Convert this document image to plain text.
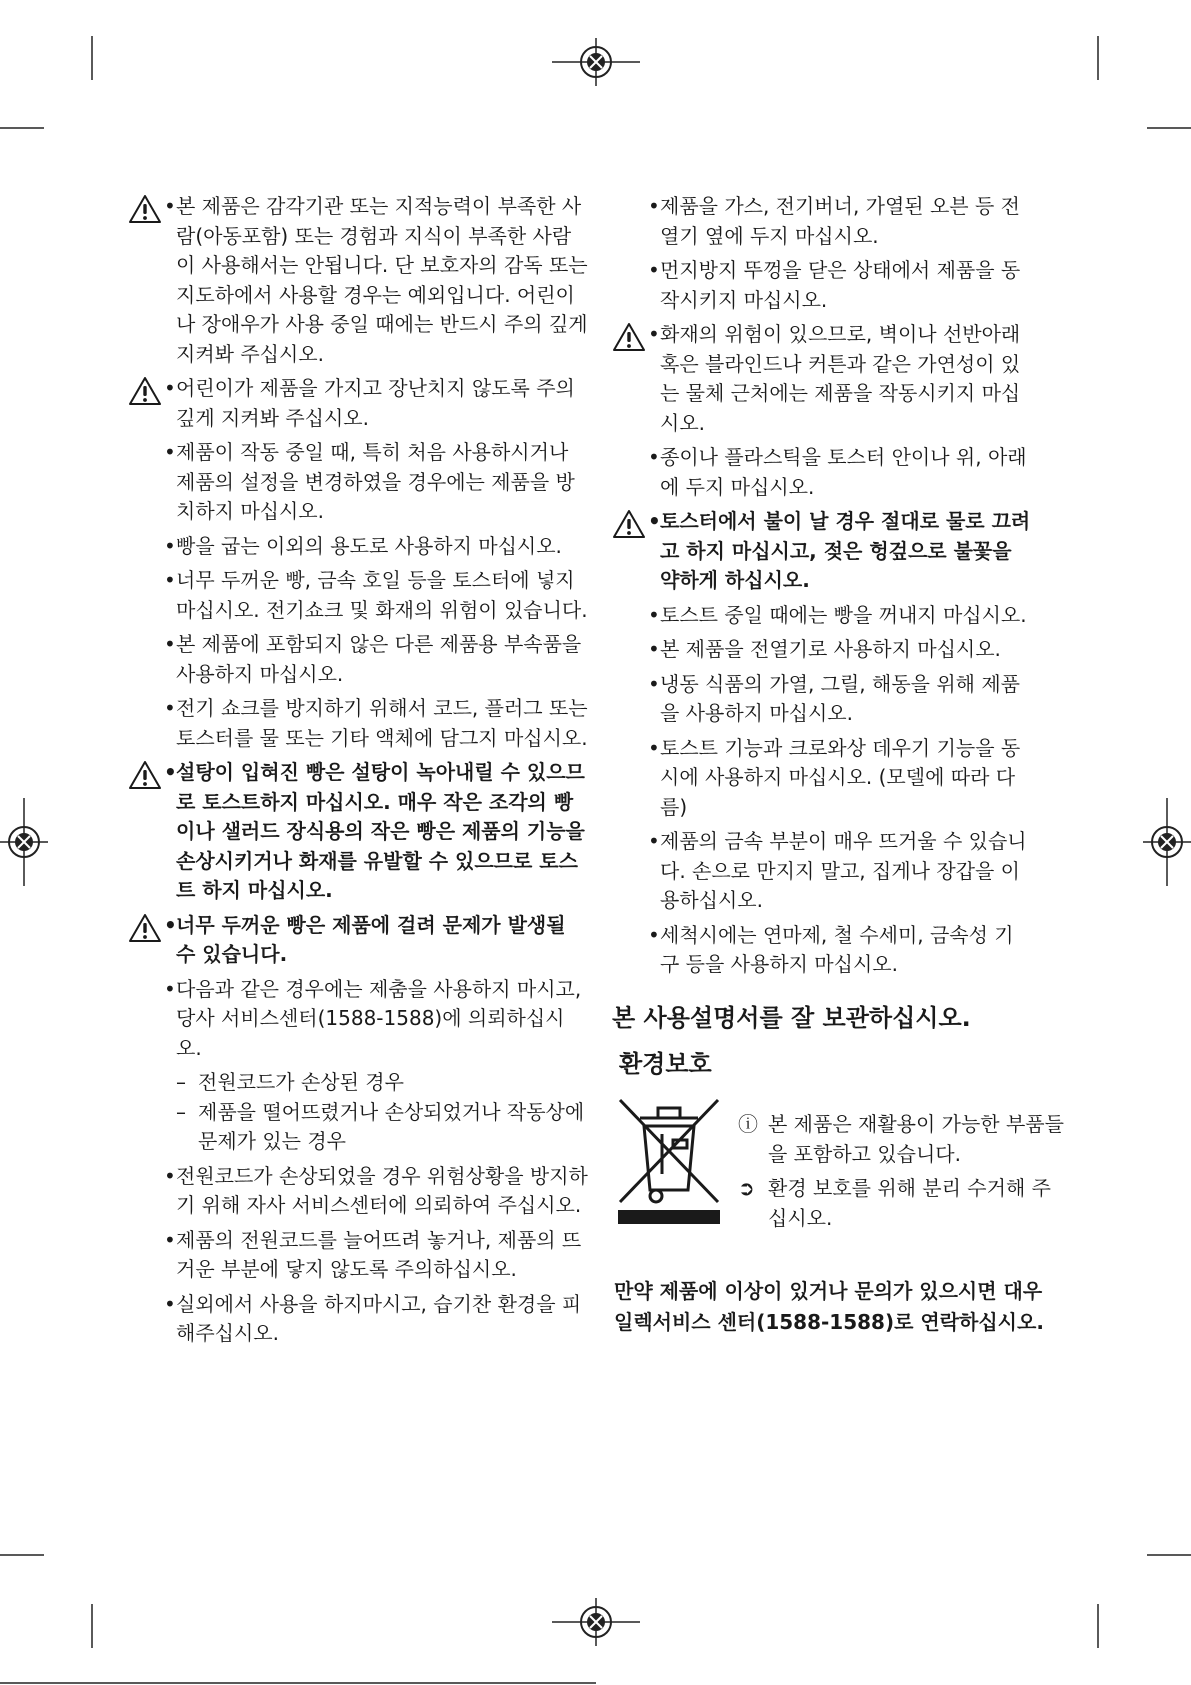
• 본 제품은 감각기관 또는 지적능력이 부족한 사람(아동포함) 또는 경험과 지식이 부족한 사람이 사용해서는 안됩니다. 단 보호자의 감독 또는 지도하에서 사용할 경우는 예외입니다. 어린이나 장애우가 사용 중일 때에는 반드시 주의 깊게 지켜봐 주십시오.
• 어린이가 제품을 가지고 장난치지 않도록 주의 깊게 지켜봐 주십시오.
• 제품이 작동 중일 때, 특히 처음 사용하시거나 제품의 설정을 변경하였을 경우에는 제품을 방치하지 마십시오.
• 빵을 굽는 이외의 용도로 사용하지 마십시오.
• 너무 두꺼운 빵, 금속 호일 등을 토스터에 넣지 마십시오. 전기쇼크 및 화재의 위험이 있습니다.
• 본 제품에 포함되지 않은 다른 제품용 부속품을 사용하지 마십시오.
• 전기 쇼크를 방지하기 위해서 코드, 플러그 또는 토스터를 물 또는 기타 액체에 담그지 마십시오.
• 설탕이 입혀진 빵은 설탕이 녹아내릴 수 있으므로 토스트하지 마십시오. 매우 작은 조각의 빵이나 샐러드 장식용의 작은 빵은 제품의 기능을 손상시키거나 화재를 유발할 수 있으므로 토스트 하지 마십시오.
• 너무 두꺼운 빵은 제품에 걸려 문제가 발생될 수 있습니다.
• 다음과 같은 경우에는 제춤을 사용하지 마시고, 당사 서비스센터(1588-1588)에 의뢰하십시오.
– 전원코드가 손상된 경우
– 제품을 떨어뜨렸거나 손상되었거나 작동상에 문제가 있는 경우
• 전원코드가 손상되었을 경우 위험상황을 방지하기 위해 자사 서비스센터에 의뢰하여 주십시오.
• 제품의 전원코드를 늘어뜨려 놓거나, 제품의 뜨거운 부분에 닿지 않도록 주의하십시오.
• 실외에서 사용을 하지마시고, 습기찬 환경을 피해주십시오.
• 제품을 가스, 전기버너, 가열된 오븐 등 전열기 옆에 두지 마십시오.
• 먼지방지 뚜껑을 닫은 상태에서 제품을 동작시키지 마십시오.
• 화재의 위험이 있으므로, 벽이나 선반아래 혹은 블라인드나 커튼과 같은 가연성이 있는 물체 근처에는 제품을 작동시키지 마십시오.
• 종이나 플라스틱을 토스터 안이나 위, 아래에 두지 마십시오.
• 토스터에서 불이 날 경우 절대로 물로 끄려고 하지 마십시고, 젖은 헝겊으로 불꽃을 약하게 하십시오.
• 토스트 중일 때에는 빵을 꺼내지 마십시오.
• 본 제품을 전열기로 사용하지 마십시오.
• 냉동 식품의 가열, 그릴, 해동을 위해 제품을 사용하지 마십시오.
• 토스트 기능과 크로와상 데우기 기능을 동시에 사용하지 마십시오. (모델에 따라 다름)
• 제품의 금속 부분이 매우 뜨거울 수 있습니다. 손으로 만지지 말고, 집게나 장갑을 이용하십시오.
• 세척시에는 연마제, 철 수세미, 금속성 기구 등을 사용하지 마십시오.
본 사용설명서를 잘 보관하십시오.
환경보호
ⓘ 본 제품은 재활용이 가능한 부품들을 포함하고 있습니다.
➲ 환경 보호를 위해 분리 수거해 주십시오.
만약 제품에 이상이 있거나 문의가 있으시면 대우일렉서비스 센터(1588-1588)로 연락하십시오.
